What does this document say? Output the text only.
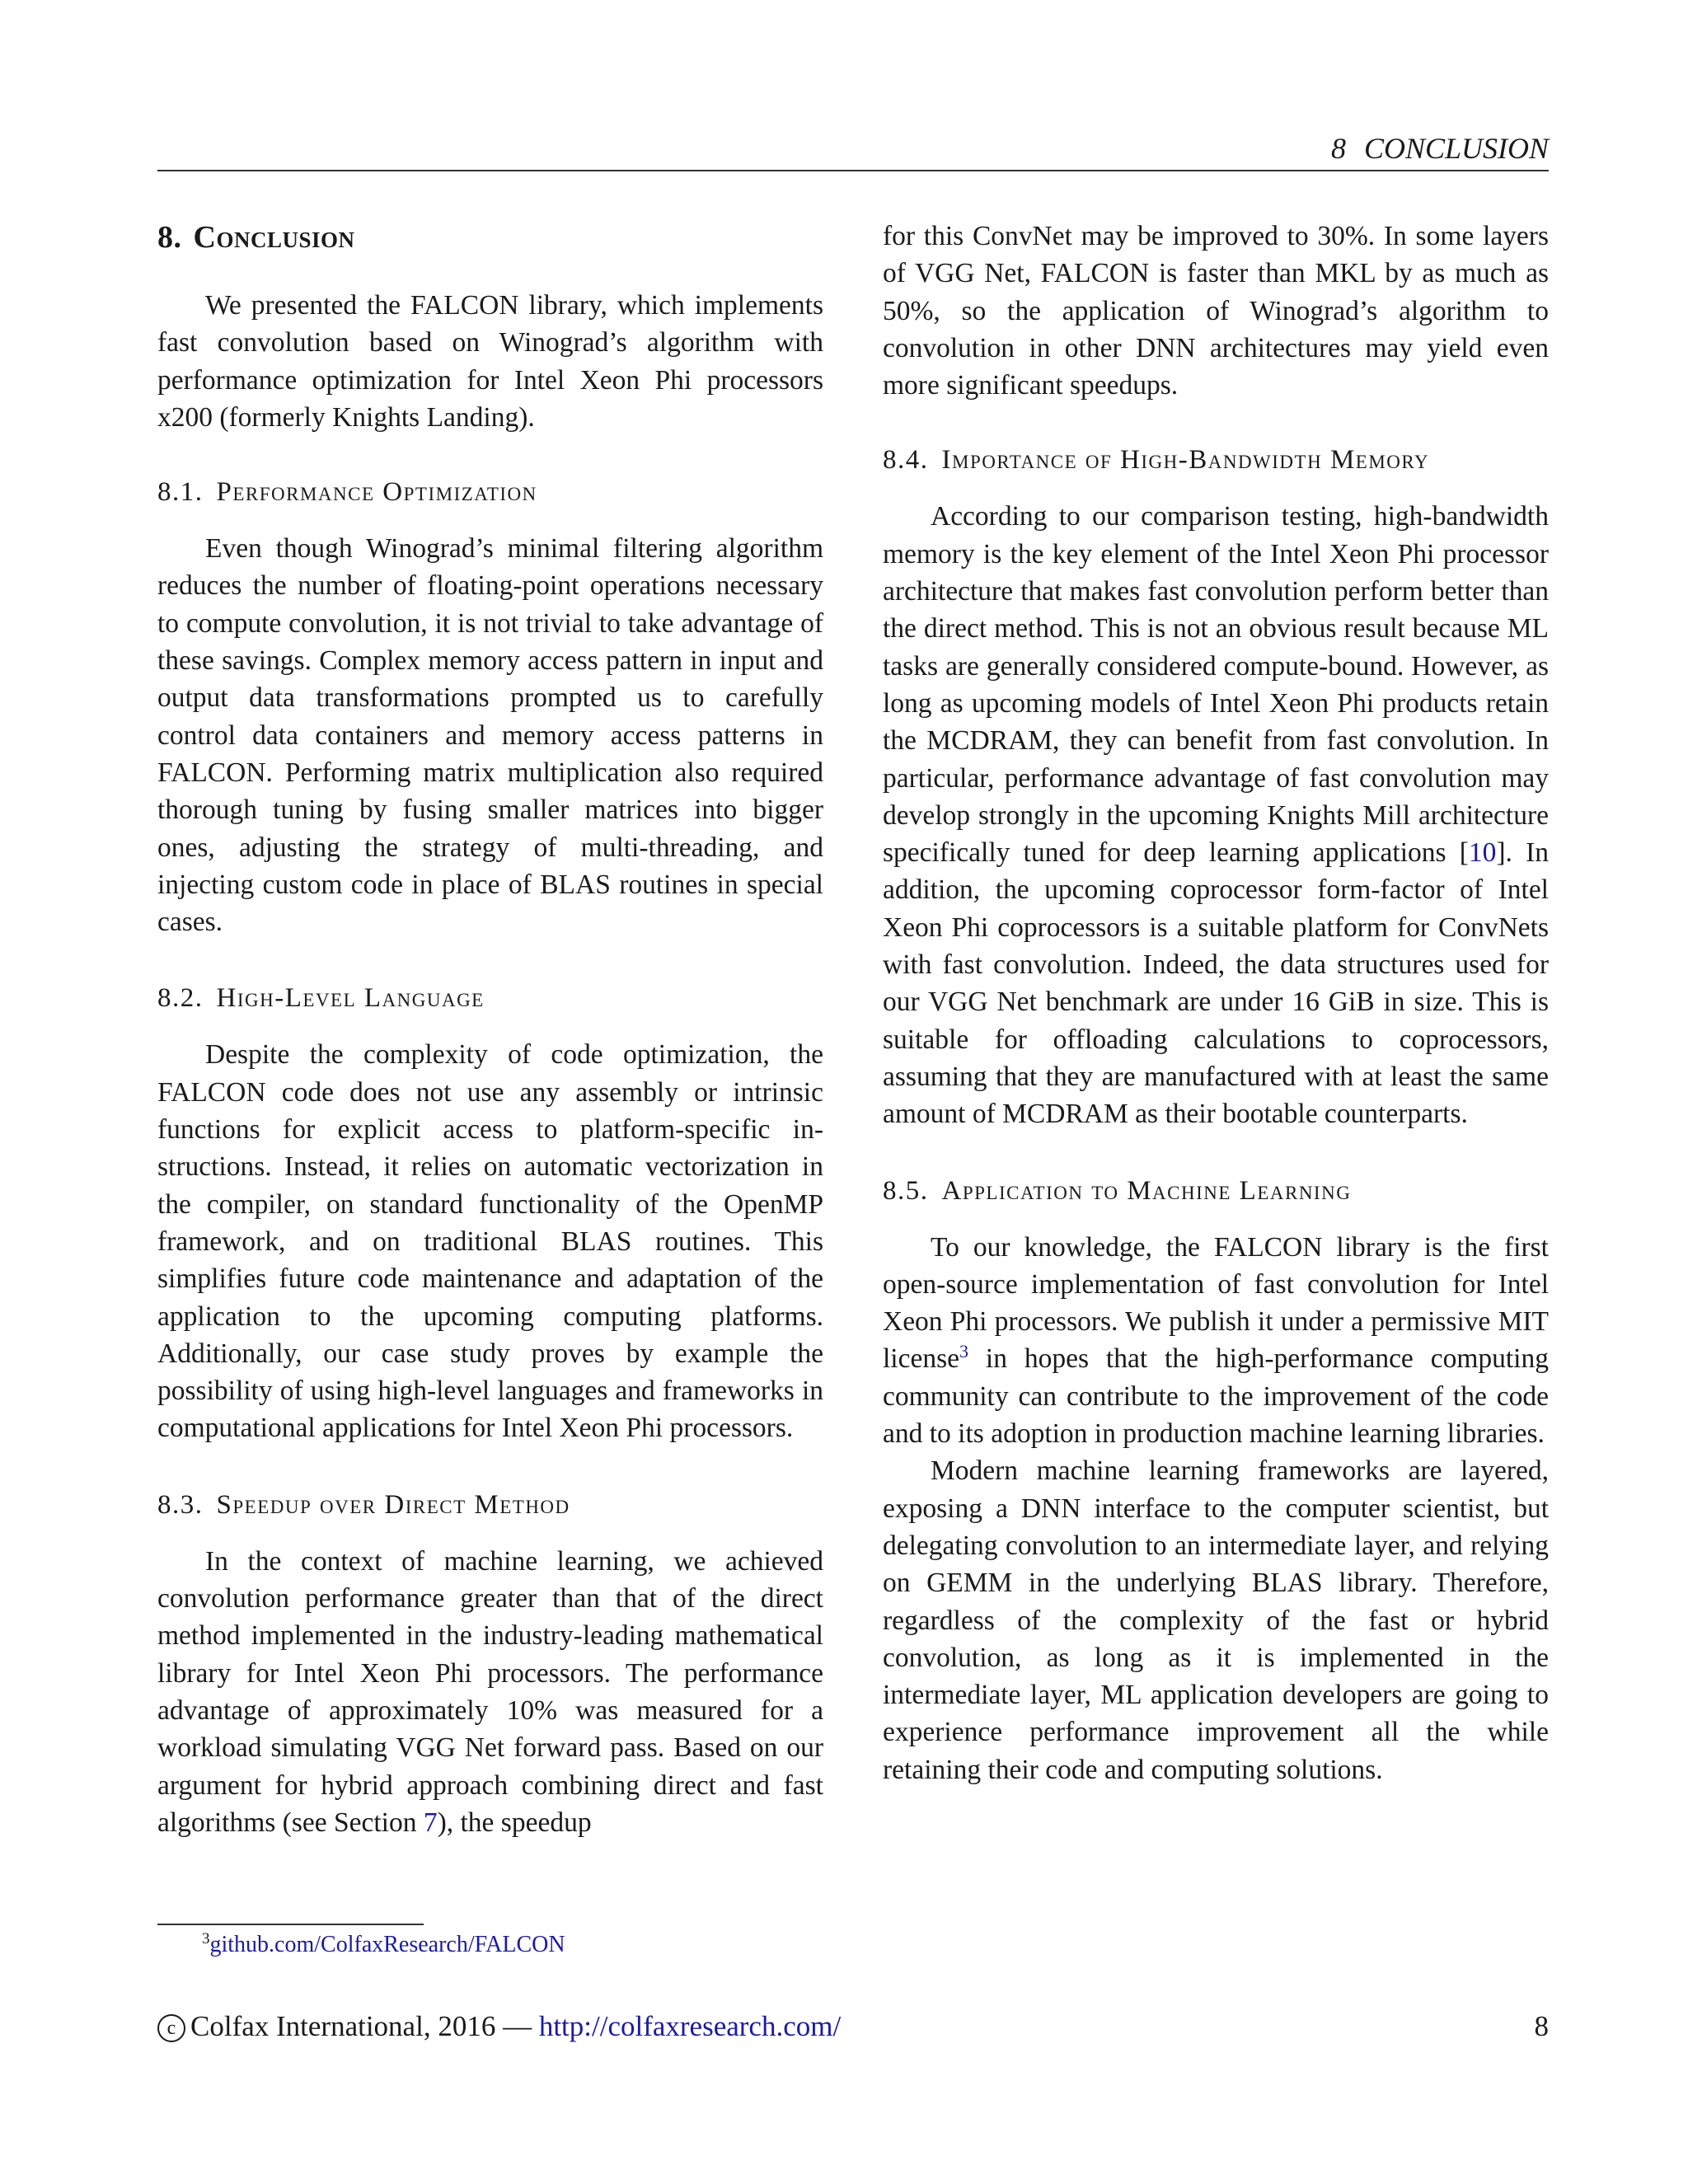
8 CONCLUSION
8. Conclusion

We presented the FALCON library, which implements fast convolution based on Winograd’s algorithm with performance optimization for Intel Xeon Phi processors x200 (formerly Knights Landing).

8.1. Performance Optimization

Even though Winograd’s minimal filtering algorithm reduces the number of floating-point operations necessary to compute convolution, it is not trivial to take advantage of these savings. Complex memory access pattern in input and output data transformations prompted us to carefully control data containers and memory access patterns in FALCON. Performing matrix multiplication also required thorough tuning by fusing smaller matrices into bigger ones, adjusting the strategy of multi-threading, and injecting custom code in place of BLAS routines in special cases.

8.2. High-Level Language

Despite the complexity of code optimization, the FALCON code does not use any assembly or intrinsic functions for explicit access to platform-specific instructions. Instead, it relies on automatic vectorization in the compiler, on standard functionality of the OpenMP framework, and on traditional BLAS routines. This simplifies future code maintenance and adaptation of the application to the upcoming computing platforms. Additionally, our case study proves by example the possibility of using high-level languages and frameworks in computational applications for Intel Xeon Phi processors.

8.3. Speedup over Direct Method

In the context of machine learning, we achieved convolution performance greater than that of the direct method implemented in the industry-leading mathematical library for Intel Xeon Phi processors. The performance advantage of approximately 10% was measured for a workload simulating VGG Net forward pass. Based on our argument for hybrid approach combining direct and fast algorithms (see Section 7), the speedup

for this ConvNet may be improved to 30%. In some layers of VGG Net, FALCON is faster than MKL by as much as 50%, so the application of Winograd’s algorithm to convolution in other DNN architectures may yield even more significant speedups.

8.4. Importance of High-Bandwidth Memory

According to our comparison testing, high-bandwidth memory is the key element of the Intel Xeon Phi processor architecture that makes fast convolution perform better than the direct method. This is not an obvious result because ML tasks are generally considered compute-bound. However, as long as upcoming models of Intel Xeon Phi products retain the MCDRAM, they can benefit from fast convolution. In particular, performance advantage of fast convolution may develop strongly in the upcoming Knights Mill architecture specifically tuned for deep learning applications [10]. In addition, the upcoming coprocessor form-factor of Intel Xeon Phi coprocessors is a suitable platform for ConvNets with fast convolution. Indeed, the data structures used for our VGG Net benchmark are under 16 GiB in size. This is suitable for offloading calculations to coprocessors, assuming that they are manufactured with at least the same amount of MCDRAM as their bootable counterparts.

8.5. Application to Machine Learning

To our knowledge, the FALCON library is the first open-source implementation of fast convolution for Intel Xeon Phi processors. We publish it under a permissive MIT license$^3$ in hopes that the high-performance computing community can contribute to the improvement of the code and to its adoption in production machine learning libraries.

Modern machine learning frameworks are layered, exposing a DNN interface to the computer scientist, but delegating convolution to an intermediate layer, and relying on GEMM in the underlying BLAS library. Therefore, regardless of the complexity of the fast or hybrid convolution, as long as it is implemented in the intermediate layer, ML application developers are going to experience performance improvement all the while retaining their code and computing solutions.

$^3$github.com/ColfaxResearch/FALCON
c Colfax International, 2016 — http://colfaxresearch.com/	8
